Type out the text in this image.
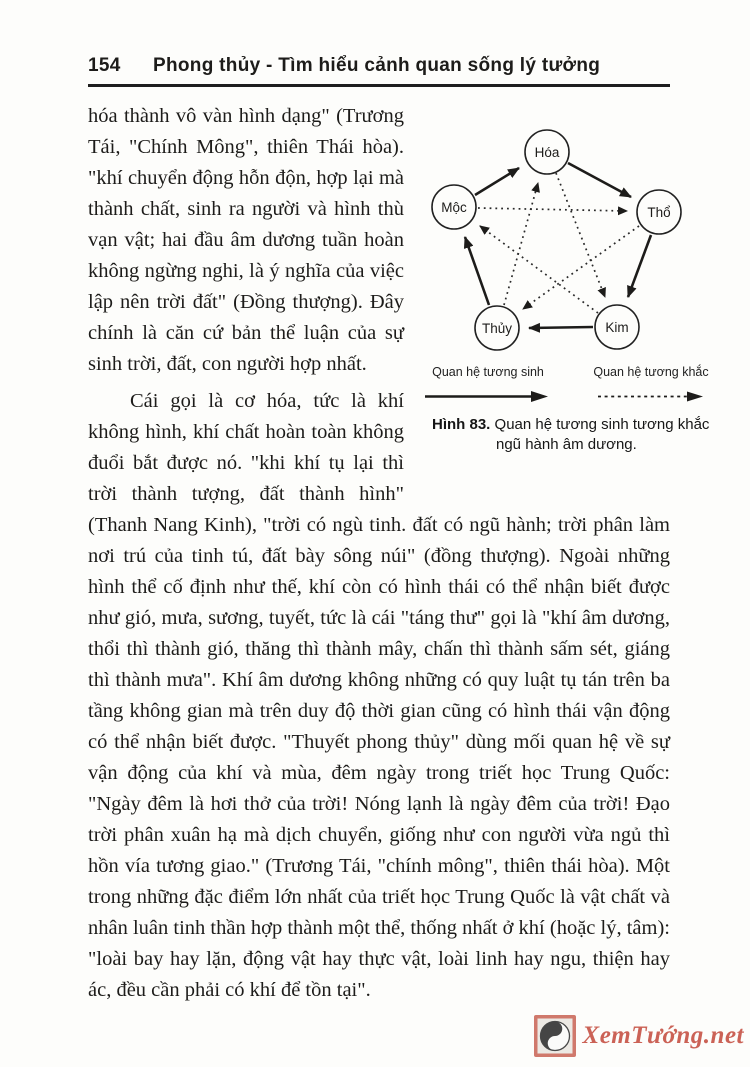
154 Phong thủy - Tìm hiểu cảnh quan sống lý tưởng
Hóa
Mộc	Thổ
Thủy	Kim
Quan hệ tương sinh	Quan hệ tương khắc
Hình 83. Quan hệ tương sinh tương khắc ngũ hành âm dương.

hóa thành vô vàn hình dạng" (Trương Tái, "Chính Mông", thiên Thái hòa). "khí chuyển động hỗn độn, hợp lại mà thành chất, sinh ra người và hình thù vạn vật; hai đầu âm dương tuần hoàn không ngừng nghi, là ý nghĩa của việc lập nên trời đất" (Đồng thượng). Đây chính là căn cứ bản thể luận của sự sinh trời, đất, con người hợp nhất.

Cái gọi là cơ hóa, tức là khí không hình, khí chất hoàn toàn không đuổi bắt được nó. "khi khí tụ lại thì trời thành tượng, đất thành hình" (Thanh Nang Kinh), "trời có ngù tinh. đất có ngũ hành; trời phân làm nơi trú của tinh tú, đất bày sông núi" (đồng thượng). Ngoài những hình thể cố định như thế, khí còn có hình thái có thể nhận biết được như gió, mưa, sương, tuyết, tức là cái "táng thư" gọi là "khí âm dương, thổi thì thành gió, thăng thì thành mây, chấn thì thành sấm sét, giáng thì thành mưa". Khí âm dương không những có quy luật tụ tán trên ba tầng không gian mà trên duy độ thời gian cũng có hình thái vận động có thể nhận biết được. "Thuyết phong thủy" dùng mối quan hệ về sự vận động của khí và mùa, đêm ngày trong triết học Trung Quốc: "Ngày đêm là hơi thở của trời! Nóng lạnh là ngày đêm của trời! Đạo trời phân xuân hạ mà dịch chuyển, giống như con người vừa ngủ thì hồn vía tương giao." (Trương Tái, "chính mông", thiên thái hòa). Một trong những đặc điểm lớn nhất của triết học Trung Quốc là vật chất và nhân luân tinh thần hợp thành một thể, thống nhất ở khí (hoặc lý, tâm): "loài bay hay lặn, động vật hay thực vật, loài linh hay ngu, thiện hay ác, đều cần phải có khí để tồn tại".

XemTướng.net
